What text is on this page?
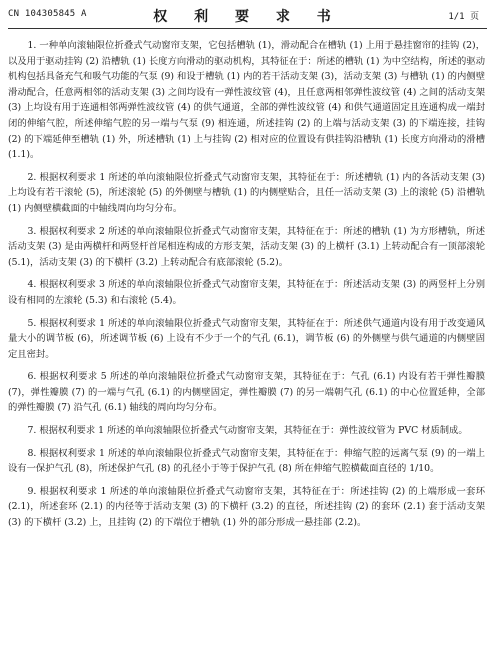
CN 104305845 A	权 利 要 求 书	1/1 页

1. 一种单向滚轴限位折叠式气动窗帘支架，它包括槽轨 (1)，滑动配合在槽轨 (1) 上用于悬挂窗帘的挂钩 (2)，以及用于驱动挂钩 (2) 沿槽轨 (1) 长度方向滑动的驱动机构，其特征在于：所述的槽轨 (1) 为中空结构，所述的驱动机构包括具备充气和吸气功能的气泵 (9) 和设于槽轨 (1) 内的若干活动支架 (3)，活动支架 (3) 与槽轨 (1) 的内侧壁滑动配合，任意两相邻的活动支架 (3) 之间均设有一弹性波纹管 (4)，且任意两相邻弹性波纹管 (4) 之间的活动支架 (3) 上均设有用于连通相邻两弹性波纹管 (4) 的供气通道，全部的弹性波纹管 (4) 和供气通道固定且连通构成一端封闭的伸缩气腔，所述伸缩气腔的另一端与气泵 (9) 相连通，所述挂钩 (2) 的上端与活动支架 (3) 的下端连接，挂钩 (2) 的下端延伸至槽轨 (1) 外，所述槽轨 (1) 上与挂钩 (2) 相对应的位置设有供挂钩沿槽轨 (1) 长度方向滑动的滑槽 (1.1)。

2. 根据权利要求 1 所述的单向滚轴限位折叠式气动窗帘支架，其特征在于：所述槽轨 (1) 内的各活动支架 (3) 上均设有若干滚轮 (5)，所述滚轮 (5) 的外侧壁与槽轨 (1) 的内侧壁贴合，且任一活动支架 (3) 上的滚轮 (5) 沿槽轨 (1) 内侧壁横截面的中轴线周向均匀分布。

3. 根据权利要求 2 所述的单向滚轴限位折叠式气动窗帘支架，其特征在于：所述的槽轨 (1) 为方形槽轨，所述活动支架 (3) 是由两横杆和两竖杆首尾相连构成的方形支架，活动支架 (3) 的上横杆 (3.1) 上转动配合有一顶部滚轮 (5.1)，活动支架 (3) 的下横杆 (3.2) 上转动配合有底部滚轮 (5.2)。

4. 根据权利要求 3 所述的单向滚轴限位折叠式气动窗帘支架，其特征在于：所述活动支架 (3) 的两竖杆上分别设有相同的左滚轮 (5.3) 和右滚轮 (5.4)。

5. 根据权利要求 1 所述的单向滚轴限位折叠式气动窗帘支架，其特征在于：所述供气通道内设有用于改变通风量大小的调节板 (6)，所述调节板 (6) 上设有不少于一个的气孔 (6.1)，调节板 (6) 的外侧壁与供气通道的内侧壁固定且密封。

6. 根据权利要求 5 所述的单向滚轴限位折叠式气动窗帘支架，其特征在于：气孔 (6.1) 内设有若干弹性瓣膜 (7)，弹性瓣膜 (7) 的一端与气孔 (6.1) 的内侧壁固定，弹性瓣膜 (7) 的另一端朝气孔 (6.1) 的中心位置延伸，全部的弹性瓣膜 (7) 沿气孔 (6.1) 轴线的周向均匀分布。

7. 根据权利要求 1 所述的单向滚轴限位折叠式气动窗帘支架，其特征在于：弹性波纹管为 PVC 材质制成。

8. 根据权利要求 1 所述的单向滚轴限位折叠式气动窗帘支架，其特征在于：伸缩气腔的远离气泵 (9) 的一端上设有一保护气孔 (8)，所述保护气孔 (8) 的孔径小于等于保护气孔 (8) 所在伸缩气腔横截面直径的 1/10。

9. 根据权利要求 1 所述的单向滚轴限位折叠式气动窗帘支架，其特征在于：所述挂钩 (2) 的上端形成一套环 (2.1)，所述套环 (2.1) 的内径等于活动支架 (3) 的下横杆 (3.2) 的直径，所述挂钩 (2) 的套环 (2.1) 套于活动支架 (3) 的下横杆 (3.2) 上，且挂钩 (2) 的下端位于槽轨 (1) 外的部分形成一悬挂部 (2.2)。
